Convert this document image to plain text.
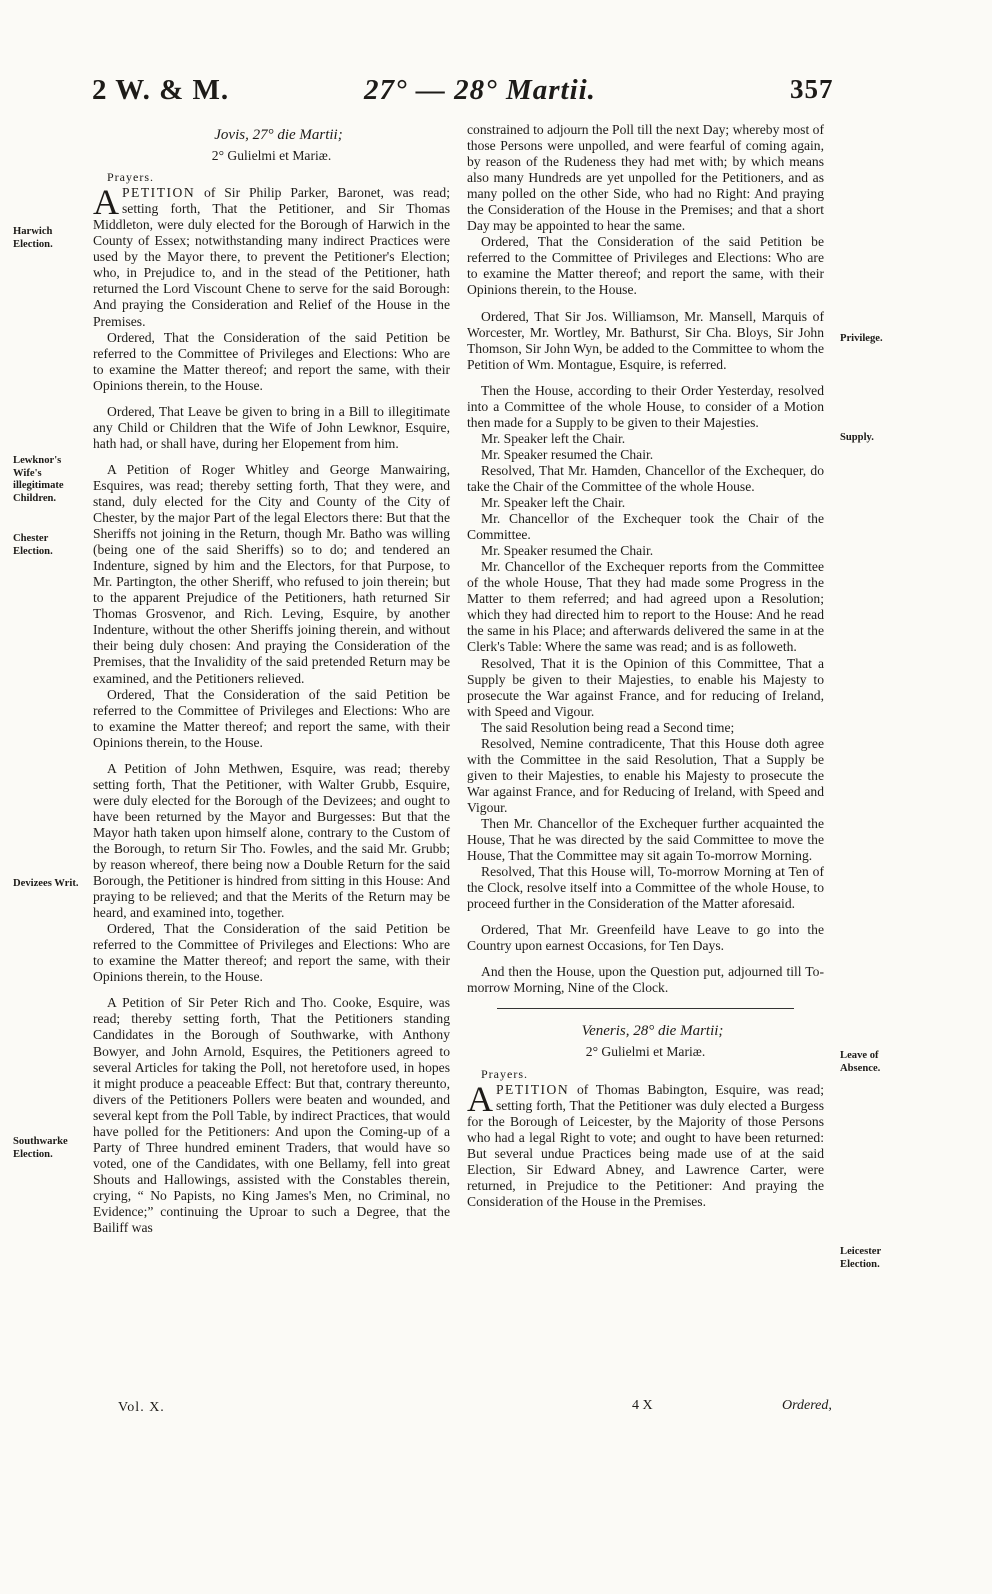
2 W. & M.	27° — 28° Martii.	357
Harwich Election.
Lewknor's Wife's illegitimate Children.
Chester Election.
Devizees Writ.
Southwarke Election.
Privilege.
Supply.
Leave of Absence.
Leicester Election.

Jovis, 27° die Martii;

2° Gulielmi et Mariæ.

Prayers.

APETITION of Sir Philip Parker, Baronet, was read; setting forth, That the Petitioner, and Sir Thomas Middleton, were duly elected for the Borough of Harwich in the County of Essex; notwithstanding many indirect Practices were used by the Mayor there, to prevent the Petitioner's Election; who, in Prejudice to, and in the stead of the Petitioner, hath returned the Lord Viscount Chene to serve for the said Borough: And praying the Consideration and Relief of the House in the Premises.

Ordered, That the Consideration of the said Petition be referred to the Committee of Privileges and Elections: Who are to examine the Matter thereof; and report the same, with their Opinions therein, to the House.

Ordered, That Leave be given to bring in a Bill to illegitimate any Child or Children that the Wife of John Lewknor, Esquire, hath had, or shall have, during her Elopement from him.

A Petition of Roger Whitley and George Manwairing, Esquires, was read; thereby setting forth, That they were, and stand, duly elected for the City and County of the City of Chester, by the major Part of the legal Electors there: But that the Sheriffs not joining in the Return, though Mr. Batho was willing (being one of the said Sheriffs) so to do; and tendered an Indenture, signed by him and the Electors, for that Purpose, to Mr. Partington, the other Sheriff, who refused to join therein; but to the apparent Prejudice of the Petitioners, hath returned Sir Thomas Grosvenor, and Rich. Leving, Esquire, by another Indenture, without the other Sheriffs joining therein, and without their being duly chosen: And praying the Consideration of the Premises, that the Invalidity of the said pretended Return may be examined, and the Petitioners relieved.

Ordered, That the Consideration of the said Petition be referred to the Committee of Privileges and Elections: Who are to examine the Matter thereof; and report the same, with their Opinions therein, to the House.

A Petition of John Methwen, Esquire, was read; thereby setting forth, That the Petitioner, with Walter Grubb, Esquire, were duly elected for the Borough of the Devizees; and ought to have been returned by the Mayor and Burgesses: But that the Mayor hath taken upon himself alone, contrary to the Custom of the Borough, to return Sir Tho. Fowles, and the said Mr. Grubb; by reason whereof, there being now a Double Return for the said Borough, the Petitioner is hindred from sitting in this House: And praying to be relieved; and that the Merits of the Return may be heard, and examined into, together.

Ordered, That the Consideration of the said Petition be referred to the Committee of Privileges and Elections: Who are to examine the Matter thereof; and report the same, with their Opinions therein, to the House.

A Petition of Sir Peter Rich and Tho. Cooke, Esquire, was read; thereby setting forth, That the Petitioners standing Candidates in the Borough of Southwarke, with Anthony Bowyer, and John Arnold, Esquires, the Petitioners agreed to several Articles for taking the Poll, not heretofore used, in hopes it might produce a peaceable Effect: But that, contrary thereunto, divers of the Petitioners Pollers were beaten and wounded, and several kept from the Poll Table, by indirect Practices, that would have polled for the Petitioners: And upon the Coming-up of a Party of Three hundred eminent Traders, that would have so voted, one of the Candidates, with one Bellamy, fell into great Shouts and Hallowings, assisted with the Constables therein, crying, “ No Papists, no King James's Men, no Criminal, no Evidence;” continuing the Uproar to such a Degree, that the Bailiff was

constrained to adjourn the Poll till the next Day; whereby most of those Persons were unpolled, and were fearful of coming again, by reason of the Rudeness they had met with; by which means also many Hundreds are yet unpolled for the Petitioners, and as many polled on the other Side, who had no Right: And praying the Consideration of the House in the Premises; and that a short Day may be appointed to hear the same.

Ordered, That the Consideration of the said Petition be referred to the Committee of Privileges and Elections: Who are to examine the Matter thereof; and report the same, with their Opinions therein, to the House.

Ordered, That Sir Jos. Williamson, Mr. Mansell, Marquis of Worcester, Mr. Wortley, Mr. Bathurst, Sir Cha. Bloys, Sir John Thomson, Sir John Wyn, be added to the Committee to whom the Petition of Wm. Montague, Esquire, is referred.

Then the House, according to their Order Yesterday, resolved into a Committee of the whole House, to consider of a Motion then made for a Supply to be given to their Majesties.

Mr. Speaker left the Chair.

Mr. Speaker resumed the Chair.

Resolved, That Mr. Hamden, Chancellor of the Exchequer, do take the Chair of the Committee of the whole House.

Mr. Speaker left the Chair.

Mr. Chancellor of the Exchequer took the Chair of the Committee.

Mr. Speaker resumed the Chair.

Mr. Chancellor of the Exchequer reports from the Committee of the whole House, That they had made some Progress in the Matter to them referred; and had agreed upon a Resolution; which they had directed him to report to the House: And he read the same in his Place; and afterwards delivered the same in at the Clerk's Table: Where the same was read; and is as followeth.

Resolved, That it is the Opinion of this Committee, That a Supply be given to their Majesties, to enable his Majesty to prosecute the War against France, and for reducing of Ireland, with Speed and Vigour.

The said Resolution being read a Second time;

Resolved, Nemine contradicente, That this House doth agree with the Committee in the said Resolution, That a Supply be given to their Majesties, to enable his Majesty to prosecute the War against France, and for Reducing of Ireland, with Speed and Vigour.

Then Mr. Chancellor of the Exchequer further acquainted the House, That he was directed by the said Committee to move the House, That the Committee may sit again To-morrow Morning.

Resolved, That this House will, To-morrow Morning at Ten of the Clock, resolve itself into a Committee of the whole House, to proceed further in the Consideration of the Matter aforesaid.

Ordered, That Mr. Greenfeild have Leave to go into the Country upon earnest Occasions, for Ten Days.

And then the House, upon the Question put, adjourned till To-morrow Morning, Nine of the Clock.

Veneris, 28° die Martii;

2° Gulielmi et Mariæ.

Prayers.

APETITION of Thomas Babington, Esquire, was read; setting forth, That the Petitioner was duly elected a Burgess for the Borough of Leicester, by the Majority of those Persons who had a legal Right to vote; and ought to have been returned: But several undue Practices being made use of at the said Election, Sir Edward Abney, and Lawrence Carter, were returned, in Prejudice to the Petitioner: And praying the Consideration of the House in the Premises.

Vol. X.	4 X	Ordered,
